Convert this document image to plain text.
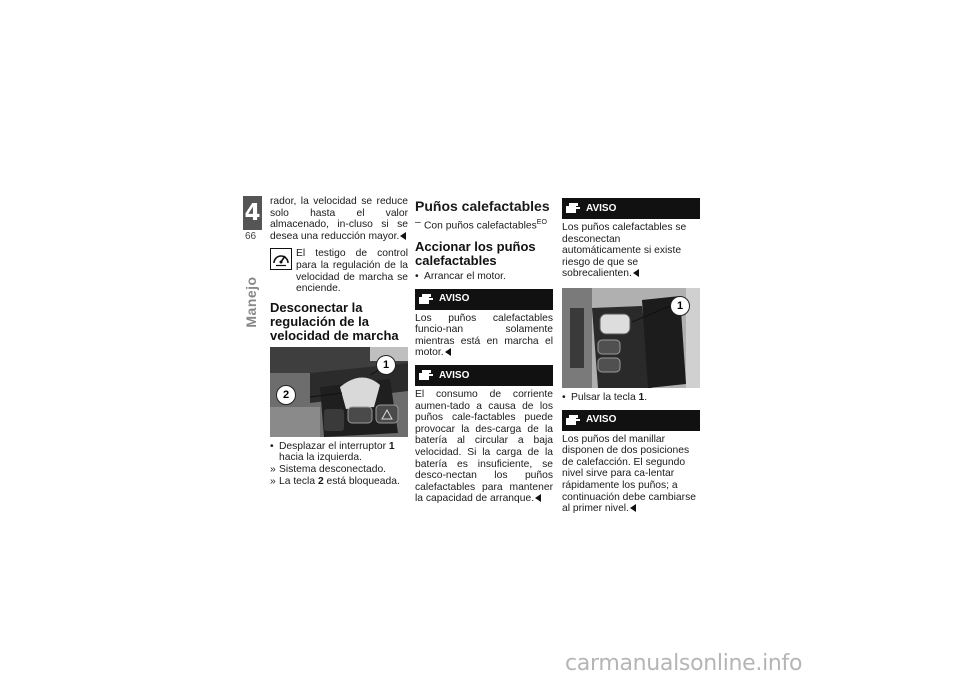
4
66
Manejo

rador, la velocidad se reduce solo hasta el valor almacenado, in-cluso si se desea una reducción mayor.

El testigo de control para la regulación de la velocidad de marcha se enciende.

Desconectar la regulación de la velocidad de marcha
1
2
• Desplazar el interruptor 1 hacia la izquierda.
» Sistema desconectado.
» La tecla 2 está bloqueada.
Puños calefactables
– Con puños calefactables$^{EO}$
Accionar los puños calefactables
• Arrancar el motor.
AVISO

Los puños calefactables funcio-nan solamente mientras está en marcha el motor.

AVISO

El consumo de corriente aumen-tado a causa de los puños cale-factables puede provocar la des-carga de la batería al circular a baja velocidad. Si la carga de la batería es insuficiente, se desco-nectan los puños calefactables para mantener la capacidad de arranque.

AVISO

Los puños calefactables se desconectan automáticamente si existe riesgo de que se sobrecalienten.

1
• Pulsar la tecla 1.
AVISO

Los puños del manillar disponen de dos posiciones de calefacción. El segundo nivel sirve para ca-lentar rápidamente los puños; a continuación debe cambiarse al primer nivel.

carmanualsonline.info
